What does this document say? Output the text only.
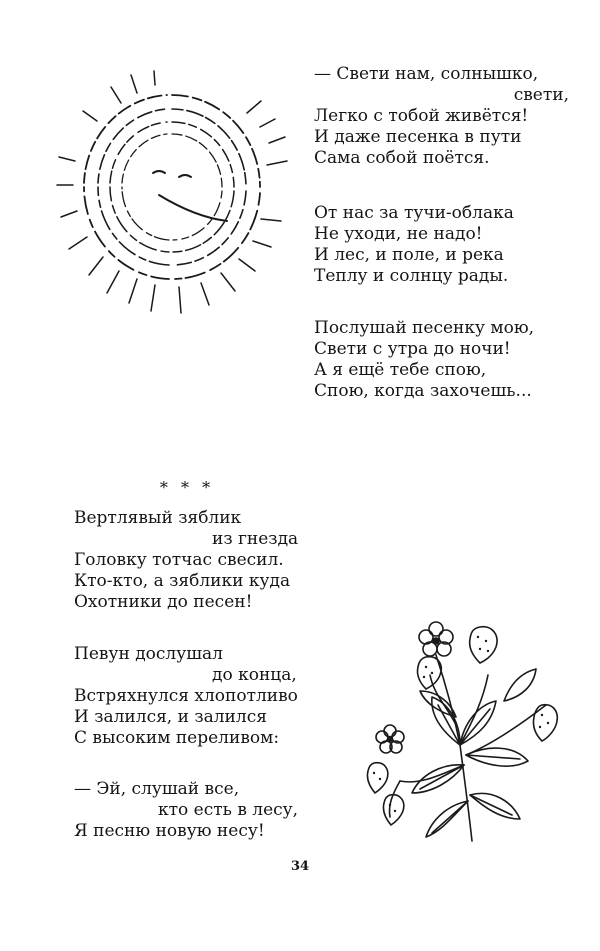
— Свети нам, солнышко,
свети,
Легко с тобой живётся!
И даже песенка в пути
Сама собой поётся.
От нас за тучи-облака
Не уходи, не надо!
И лес, и поле, и река
Теплу и солнцу рады.
Послушай песенку мою,
Свети с утра до ночи!
А я ещё тебе спою,
Спою, когда захочешь...
* * *
Вертлявый зяблик
из гнезда
Головку тотчас свесил.
Кто-кто, а зяблики куда
Охотники до песен!
Певун дослушал
до конца,
Встряхнулся хлопотливо
И залился, и залился
С высоким переливом:
— Эй, слушай все,
кто есть в лесу,
Я песню новую несу!
34
